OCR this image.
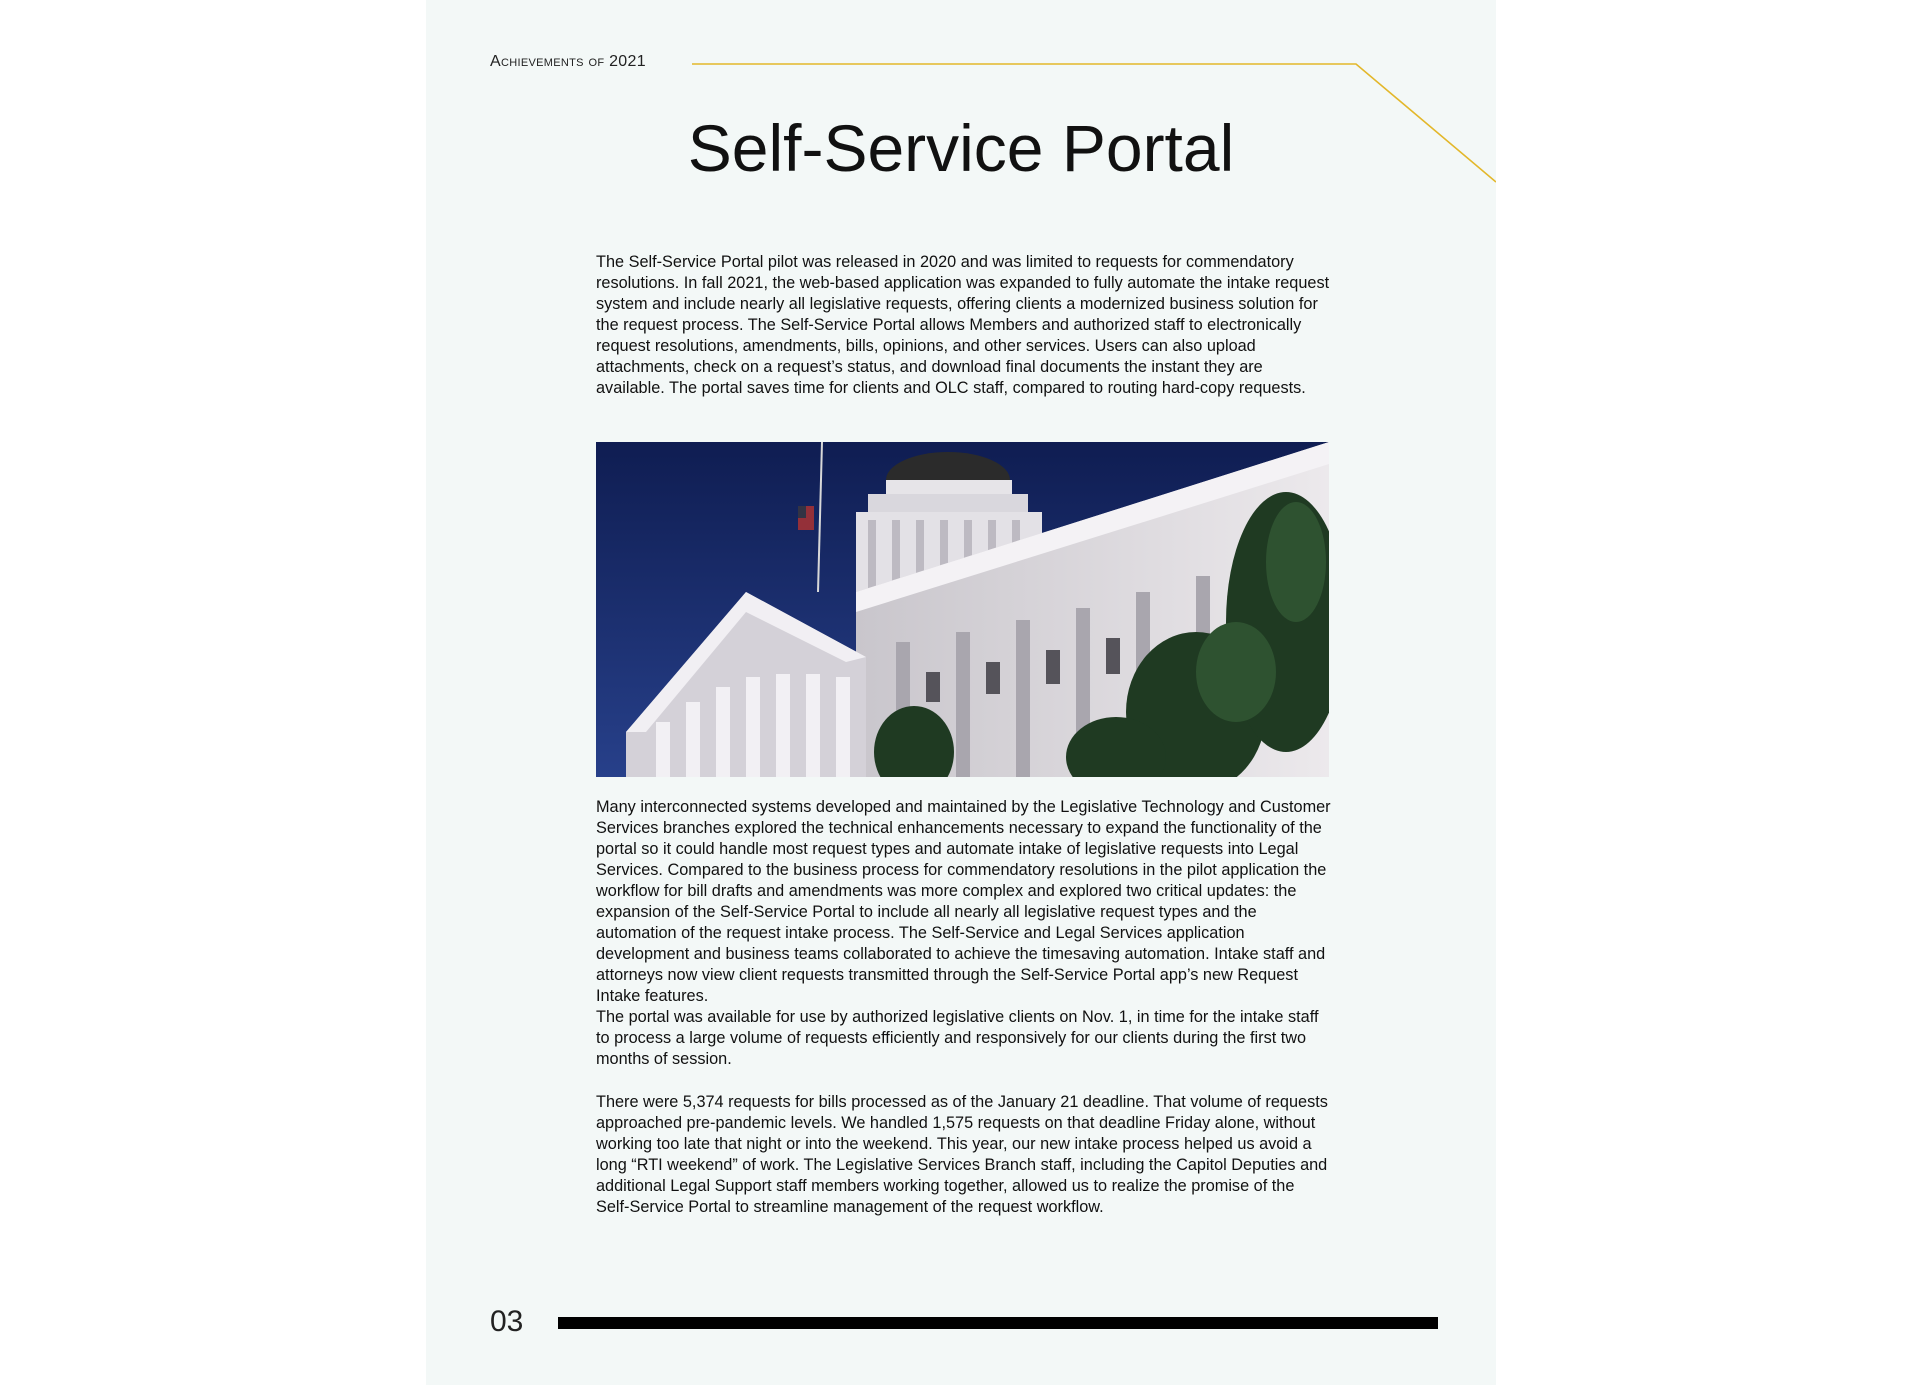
Achievements of 2021
Self-Service Portal

The Self-Service Portal pilot was released in 2020 and was limited to requests for commendatory resolutions. In fall 2021, the web-based application was expanded to fully automate the intake request system and include nearly all legislative requests, offering clients a modernized business solution for the request process. The Self-Service Portal allows Members and authorized staff to electronically request resolutions, amendments, bills, opinions, and other services. Users can also upload attachments, check on a request’s status, and download final documents the instant they are available. The portal saves time for clients and OLC staff, compared to routing hard-copy requests.

Many interconnected systems developed and maintained by the Legislative Technology and Customer Services branches explored the technical enhancements necessary to expand the functionality of the portal so it could handle most request types and automate intake of legislative requests into Legal Services. Compared to the business process for commendatory resolutions in the pilot application the workflow for bill drafts and amendments was more complex and explored two critical updates: the expansion of the Self-Service Portal to include all nearly all legislative request types and the automation of the request intake process. The Self-Service and Legal Services application development and business teams collaborated to achieve the timesaving automation. Intake staff and attorneys now view client requests transmitted through the Self-Service Portal app’s new Request Intake features.
The portal was available for use by authorized legislative clients on Nov. 1, in time for the intake staff to process a large volume of requests efficiently and responsively for our clients during the first two months of session.

There were 5,374 requests for bills processed as of the January 21 deadline. That volume of requests approached pre-pandemic levels. We handled 1,575 requests on that deadline Friday alone, without working too late that night or into the weekend. This year, our new intake process helped us avoid a long “RTI weekend” of work. The Legislative Services Branch staff, including the Capitol Deputies and additional Legal Support staff members working together, allowed us to realize the promise of the Self-Service Portal to streamline management of the request workflow.

03
